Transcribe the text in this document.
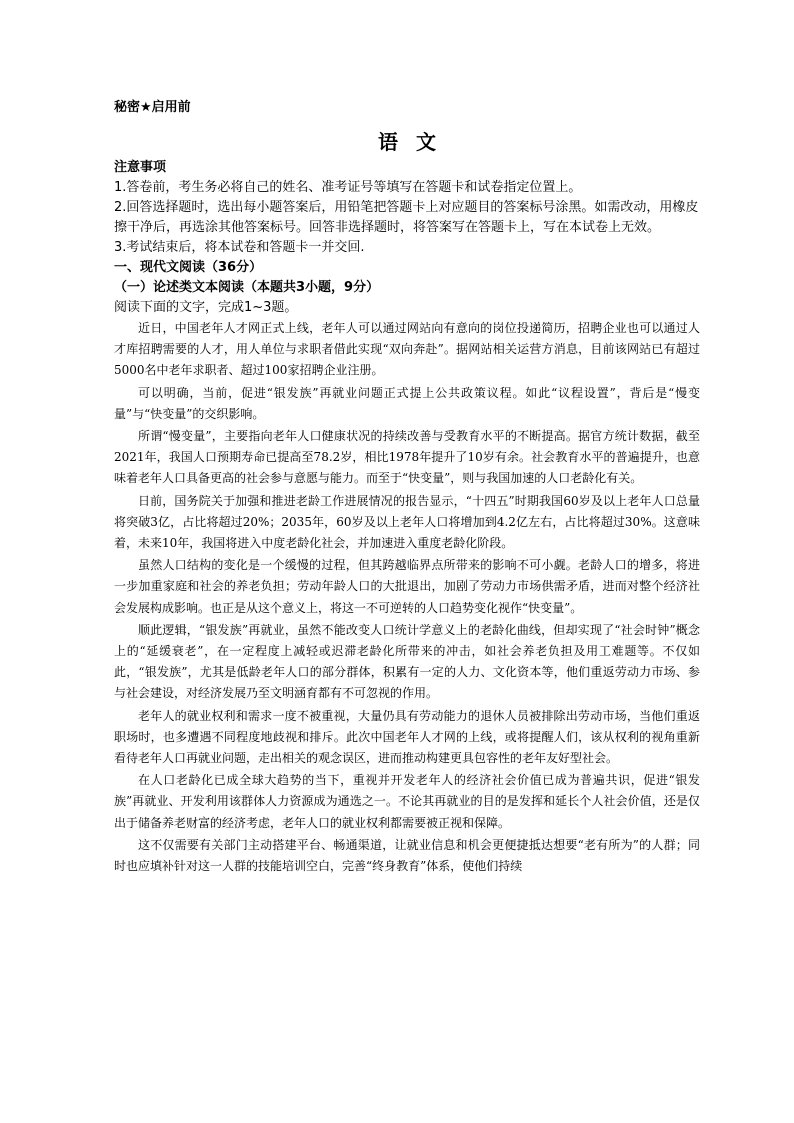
秘密★启用前
语文
注意事项
1.答卷前，考生务必将自己的姓名、准考证号等填写在答题卡和试卷指定位置上。
2.回答选择题时，选出每小题答案后，用铅笔把答题卡上对应题目的答案标号涂黑。如需改动，用橡皮擦干净后，再选涂其他答案标号。回答非选择题时，将答案写在答题卡上，写在本试卷上无效。
3.考试结束后，将本试卷和答题卡一并交回.
一、现代文阅读（36分）
（一）论述类文本阅读（本题共3小题，9分）
阅读下面的文字，完成1~3题。

近日，中国老年人才网正式上线，老年人可以通过网站向有意向的岗位投递简历，招聘企业也可以通过人才库招聘需要的人才，用人单位与求职者借此实现“双向奔赴”。据网站相关运营方消息，目前该网站已有超过5000名中老年求职者、超过100家招聘企业注册。

可以明确，当前，促进“银发族”再就业问题正式提上公共政策议程。如此“议程设置”，背后是“慢变量”与“快变量”的交织影响。

所谓“慢变量”，主要指向老年人口健康状况的持续改善与受教育水平的不断提高。据官方统计数据，截至2021年，我国人口预期寿命已提高至78.2岁，相比1978年提升了10岁有余。社会教育水平的普遍提升，也意味着老年人口具备更高的社会参与意愿与能力。而至于“快变量”，则与我国加速的人口老龄化有关。

日前，国务院关于加强和推进老龄工作进展情况的报告显示，“十四五”时期我国60岁及以上老年人口总量将突破3亿，占比将超过20%；2035年，60岁及以上老年人口将增加到4.2亿左右，占比将超过30%。这意味着，未来10年，我国将进入中度老龄化社会，并加速进入重度老龄化阶段。

虽然人口结构的变化是一个缓慢的过程，但其跨越临界点所带来的影响不可小觑。老龄人口的增多，将进一步加重家庭和社会的养老负担；劳动年龄人口的大批退出，加剧了劳动力市场供需矛盾，进而对整个经济社会发展构成影响。也正是从这个意义上，将这一不可逆转的人口趋势变化视作“快变量”。

顺此逻辑，“银发族”再就业，虽然不能改变人口统计学意义上的老龄化曲线，但却实现了“社会时钟”概念上的“延缓衰老”，在一定程度上减轻或迟滞老龄化所带来的冲击，如社会养老负担及用工难题等。不仅如此，“银发族”，尤其是低龄老年人口的部分群体，积累有一定的人力、文化资本等，他们重返劳动力市场、参与社会建设，对经济发展乃至文明涵育都有不可忽视的作用。

老年人的就业权利和需求一度不被重视，大量仍具有劳动能力的退休人员被排除出劳动市场，当他们重返职场时，也多遭遇不同程度地歧视和排斥。此次中国老年人才网的上线，或将提醒人们，该从权利的视角重新看待老年人口再就业问题，走出相关的观念误区，进而推动构建更具包容性的老年友好型社会。

在人口老龄化已成全球大趋势的当下，重视并开发老年人的经济社会价值已成为普遍共识，促进“银发族”再就业、开发利用该群体人力资源成为通选之一。不论其再就业的目的是发挥和延长个人社会价值，还是仅出于储备养老财富的经济考虑，老年人口的就业权利都需要被正视和保障。

这不仅需要有关部门主动搭建平台、畅通渠道，让就业信息和机会更便捷抵达想要“老有所为”的人群；同时也应填补针对这一人群的技能培训空白，完善“终身教育”体系，使他们持续
